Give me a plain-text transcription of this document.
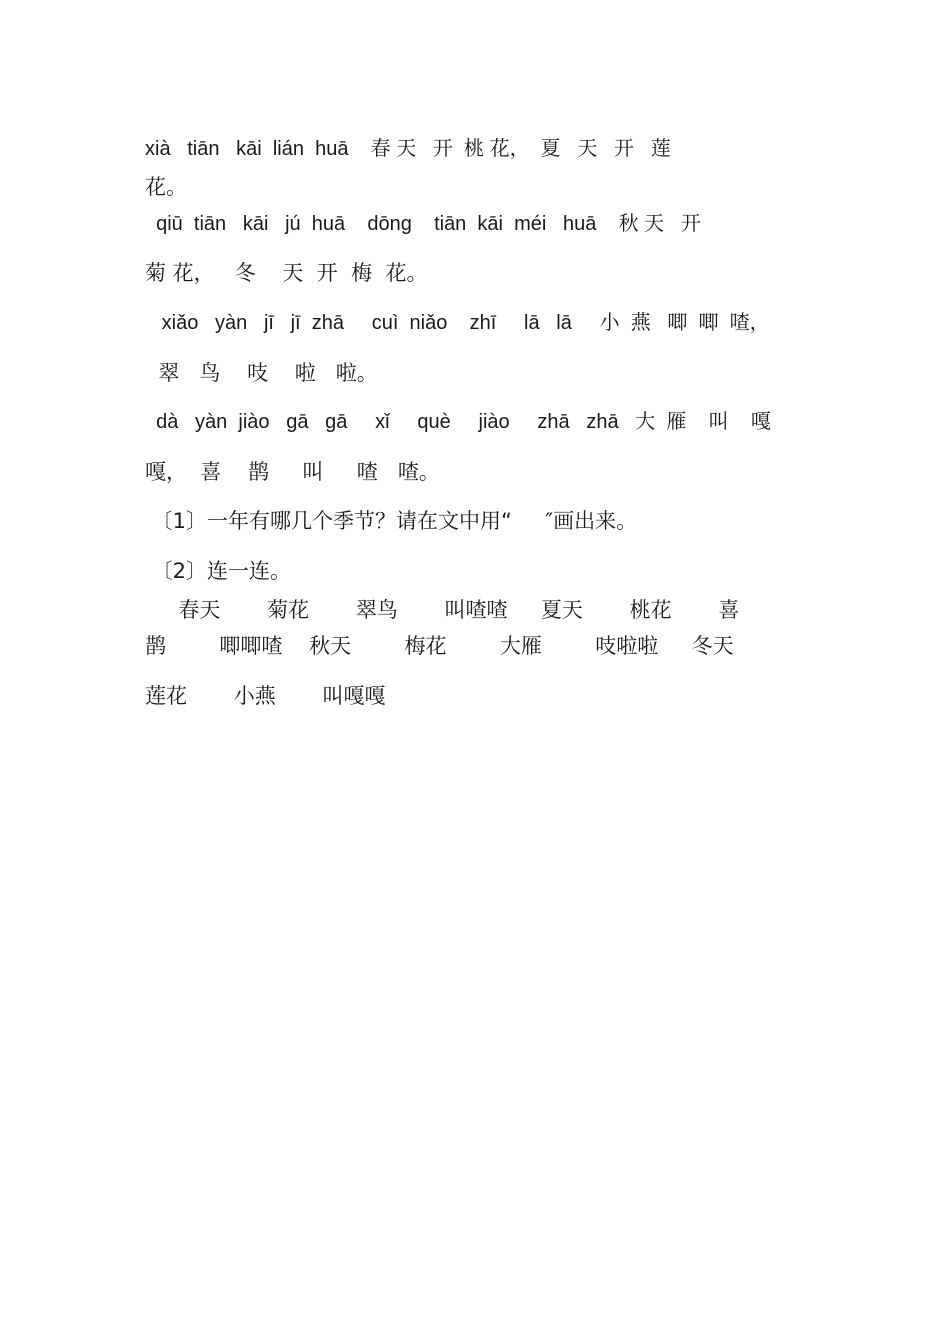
xià   tiān   kāi  lián  huā    春 天   开  桃 花，  夏   天   开   莲
花。
qiū  tiān   kāi   jú  huā    dōng    tiān  kāi  méi   huā    秋 天   开
菊 花，   冬    天  开  梅  花。
xiǎo   yàn   jī   jī  zhā     cuì  niǎo    zhī     lā   lā     小  燕   唧  唧  喳，
翠   鸟    吱    啦   啦。
dà   yàn  jiào   gā   gā     xǐ     què     jiào     zhā   zhā   大  雁    叫    嘎
嘎，  喜    鹊     叫     喳   喳。
〔1〕一年有哪几个季节？请在文中用“     ″画出来。
〔2〕连一连。
春天       菊花       翠鸟       叫喳喳     夏天       桃花       喜
鹊        唧唧喳    秋天        梅花        大雁        吱啦啦     冬天
莲花       小燕       叫嘎嘎
